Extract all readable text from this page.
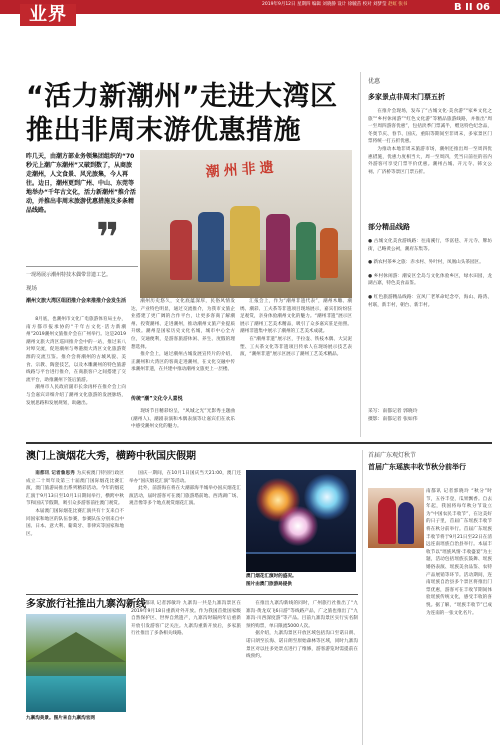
业界	2019年9月12日 星期四 编辑 刘晓静 设计 徐毓苗 校对 刘梦莹 赵虹 张书	B II 06
“活力新潮州”走进大湾区
推出非周末游优惠措施
昨几天，由潮方部业务领集团组织的“70秒元上潮广东潮州”又破到数了，从商旅走潮州，人文食景、风光旅集，今人再往。边日，潮州更到广州、中山、东莞等地举办“千年古文化，活力新潮州”推介活动，并推出非周末旅游优惠措施及多条精品线路。
潮州非遗
❞
一现场展示潮州特技木偶带非遗工艺。
现场
潮州文旅大湾区组团推介会来推推介会发生活

8月底，也潮州市文化广电旅游体育局主办，南方都市报承协的“千年古文化·活力新潮州”2019潮州文旅推介会在广州举行。这是2019潮州文旅大湾区巡回推介会中的一站，推过来八对埠交流，促进潮州与粤港澳大湾区文化旅游资源的交流互鉴。推介会将潮州的古城风貌、美食、宗教、陶瓷技艺，以及木雕潮州的特色旅游线路与平台进行推介，在商旅客户之间搭建了交流平台，助推潮州下签后旅游。

潮州市人民政府副市长余再杯在推介会上向与会嘉宾详细介绍了潮州文化旅游的发展脉络，发展思路和发展规划，助融出。

潮州历史悠久，文化底蕴深厚，民俗风情发达，产业特色明显，通过交流推介，为我市文旅企业搭建了更广阔的合作平台，让更多客商了解潮州、投资潮州、走进潮州，推动潮州文旅产业提质升级。潮州是国家历史文化名城，城市中心全方位，交通便利，是游客旅游休闲、养生、度假的理想选择。

推介会上，通过潮州古城发展宣传片的介绍，正潮州和大湾区的客商走进潮州，在文化交融中传承潮州非遗，在共建中推动潮州文旅更上一层楼。

传统“潮”文化令人喜悦

现场节目精彩纷呈，“风城之光”光影秀主题曲(潮州人)、潮剧表演和木偶表演等让嘉宾们在欢乐中感受潮州文化的魅力。

汇报会上，作为“潮州非遗代表”，潮州木雕、潮绣、潮彩、工夫茶等非遗项目现场展示，嘉宾们纷纷驻足观赏，亲身体验潮州文化的魅力。“潮州非遗”展示区展示了潮州工艺美术精品，吸引了众多嘉宾驻足拍照。潮州非遗集中展示了潮州的工艺美术成就。

在“潮州非遗”展示区，手拉壶、铁枝木偶、大吴泥塑、工夫茶文化等非遗项目传承人在现场展示技艺表演，“潮州非遗”展示区展示了潮州工艺美术精品。

优惠
多家景点非周末门票五折

在推介会现场，发布了“古城文化·美食游”“家乡文化之旅”“乡村休闲游”“红色文化游”等精品旅游线路，并推出“周一至周四游客优惠”，包括淡季门票减半，赠送特色纪念品，冬奥节庆、春节、国庆、重阳等期间至非周末，多家景区门票将统一打五折优惠。

为推动本地非周末旅游市场，潮州还推出周一至周四优惠措施，优惠力度相当大，周一至周四，凭当日前往的省内外游客可享受门票半价优惠。潮州古城、开元寺、韩文公祠、广济桥等景区门票五折。

部分精品线路
● 古城文化美食游线路：往南溪行，华富巷、开元寺、牌坊街，己略黄公祠，潮府东集等。
● 新农村茶乡之旅：赤水村、外叶村，凤凰山头茶园区。
● 乡村休闲游：潮安区全岛与文化体验乡区，绿水田园，龙湖古寨，特色美食品鉴。
● 红色旅游精品线路：宣风厂老革命纪念亭，海山、路湾、村联，新丰村，朝台、新丰村。
采写：南都记者 郭晓玲
摄影：南都记者 张如伟
澳门上演烟花大秀，横跨中秋国庆假期

南都讯 记者詹思秀 为庆祝澳门特别行政区成立二十周年及第三十届澳门国际烟花比赛汇演，澳门旅游局推出系列精彩活动。今年的烟花汇演于9月13日至10月1日期间举行，横跨中秋节和国庆节假期，吸引众多游客前往澳门观赏。

本届澳门国际烟花比赛汇演共有十支来自不同国家和地区的队伍参赛，参赛队伍分别来自中国、日本、意大利、葡萄牙、菲律宾等国家和地区。

国庆一期间，在10月1日国庆当天21:00，澳门还举办“国庆烟花汇演”等活动。

此外，前游海在将在大潮部海半城举办国庆烟花汇演活动，届时游客可在澳门旅游塔前地、西湾湖广场、观音像等多个地点观赏烟花汇演。

澳门烟花汇演时的盛况。
图片由澳门旅游局提供
多家旅行社推出九寨沟新线
九寨沟美景。图片来自九寨沟官网

南都讯 记者郭敏玲 九寨沟一共是九寨沟景区在2019年9月18日重新对外开放。作为我国首批国家级自然保护区、世界自然遗产，九寨沟时隔两年后重新开放引发游客广泛关注。九寨沟重新开放后，多家旅行社推出了多条相关线路。

在推出九寨沟新线的同时，广州旅行社推出了“九寨沟·黄龙双飞6日游”等线路产品，广之旅也推出了“九寨沟·川西深度游”等产品。目前九寨沟景区实行实名制预约购票，单日限流5000人次。

据介绍，九寨沟景区开放区域包括沟口至诺日朗、诺日朗至长海、诺日朗至原始森林等区域，同时九寨沟景区对以往多处景点进行了维修，游客游览时需提前在线预约。

首届广东观灯秋节
首届广东瑶族丰收节秋分前举行

南都讯 记者郭晓玲 “秋分”时节，五谷丰登，瓜果飘香。自去年起，我国将每年秋分节设立为“中国农民丰收节”，在这美好的日子里，首届广东瑶族丰收节将在秋分前举行。首届广东瑶族丰收节将于9月21日至22日在清远连南瑶族自治县举行。本届丰收节以“瑶族风情·丰收盛宴”为主题，活动包括瑶族长鼓舞、瑶族婚俗表演、瑶族美食品鉴、农特产品展销等环节。活动期间，连南瑶族自治县多个景区将推出门票优惠，游客可在丰收节期间体验瑶族传统文化，感受丰收的喜悦。据了解，“瑶族丰收节”已成为连南的一张文化名片。
